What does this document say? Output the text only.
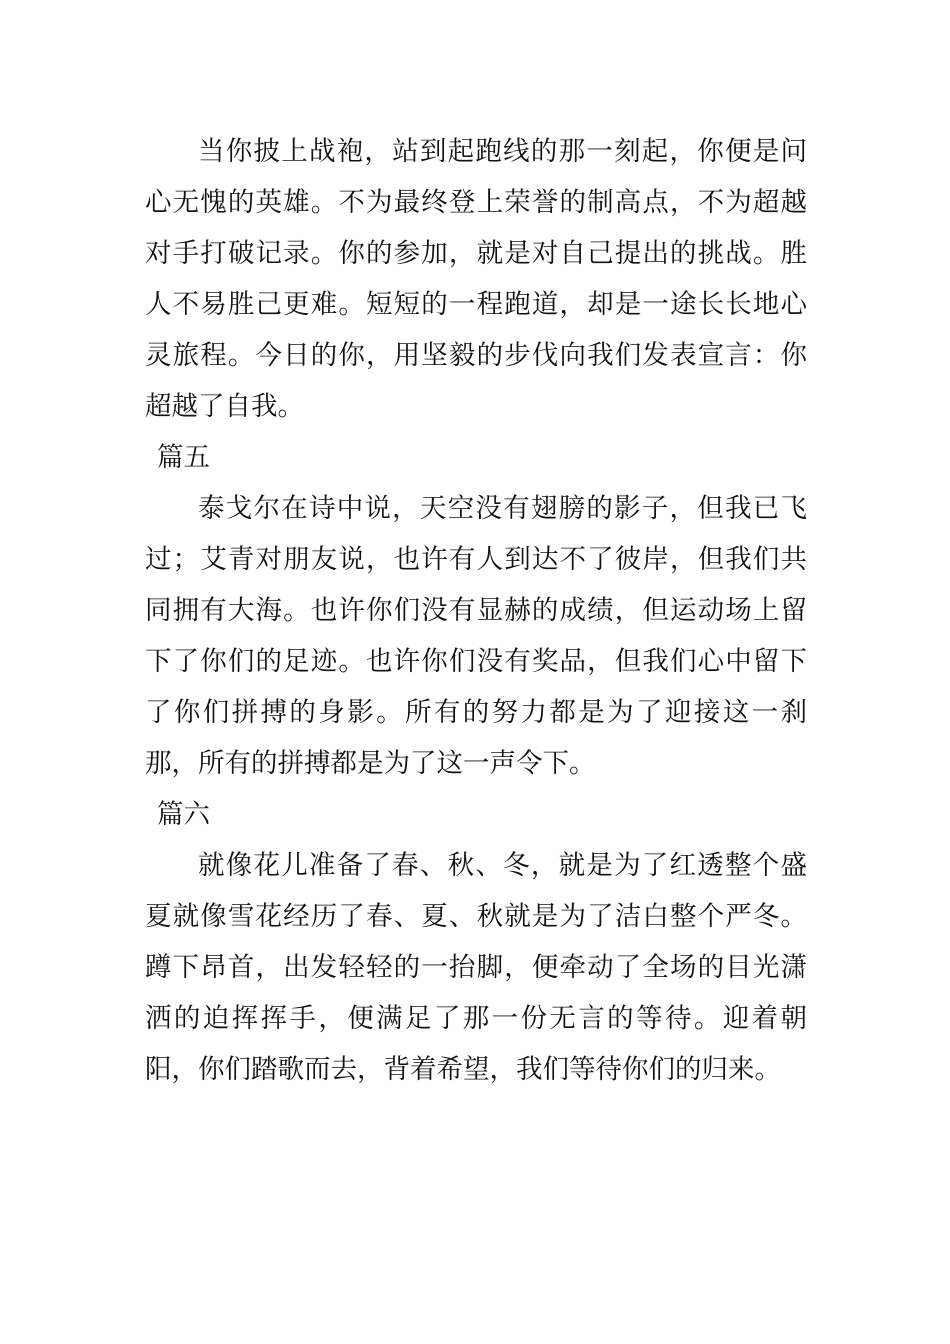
当你披上战袍，站到起跑线的那一刻起，你便是问心无愧的英雄。不为最终登上荣誉的制高点，不为超越对手打破记录。你的参加，就是对自己提出的挑战。胜人不易胜己更难。短短的一程跑道，却是一途长长地心灵旅程。今日的你，用坚毅的步伐向我们发表宣言：你超越了自我。

篇五

泰戈尔在诗中说，天空没有翅膀的影子，但我已飞过；艾青对朋友说，也许有人到达不了彼岸，但我们共同拥有大海。也许你们没有显赫的成绩，但运动场上留下了你们的足迹。也许你们没有奖品，但我们心中留下了你们拼搏的身影。所有的努力都是为了迎接这一刹那，所有的拼搏都是为了这一声令下。

篇六

就像花儿准备了春、秋、冬，就是为了红透整个盛夏就像雪花经历了春、夏、秋就是为了洁白整个严冬。蹲下昂首，出发轻轻的一抬脚，便牵动了全场的目光潇洒的迫挥挥手，便满足了那一份无言的等待。迎着朝阳，你们踏歌而去，背着希望，我们等待你们的归来。
